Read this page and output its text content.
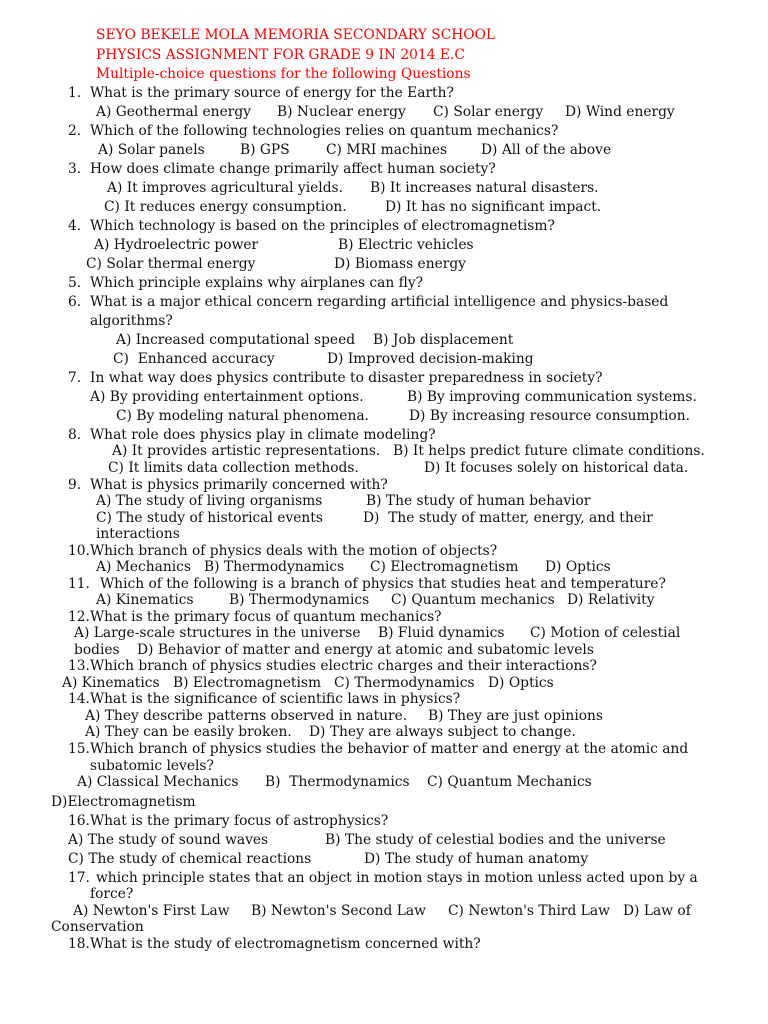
SEYO BEKELE MOLA MEMORIA SECONDARY SCHOOL
PHYSICS ASSIGNMENT FOR GRADE 9 IN 2014 E.C
Multiple-choice questions for the following Questions
1. What is the primary source of energy for the Earth?
A) Geothermal energy B) Nuclear energy C) Solar energy D) Wind energy
2. Which of the following technologies relies on quantum mechanics?
A) Solar panels	B) GPS	C) MRI machines D) All of the above
3. How does climate change primarily affect human society?
A) It improves agricultural yields. B) It increases natural disasters.
C) It reduces energy consumption.	D) It has no significant impact.
4. Which technology is based on the principles of electromagnetism?
A) Hydroelectric power	B) Electric vehicles
C) Solar thermal energy	D) Biomass energy
5. Which principle explains why airplanes can fly?
6. What is a major ethical concern regarding artificial intelligence and physics-based
algorithms?
A) Increased computational speed B) Job displacement
C)  Enhanced accuracy	D) Improved decision-making
7. In what way does physics contribute to disaster preparedness in society?
A) By providing entertainment options.	B) By improving communication systems.
C) By modeling natural phenomena.	D) By increasing resource consumption.
8. What role does physics play in climate modeling?
A) It provides artistic representations. B) It helps predict future climate conditions.
C) It limits data collection methods.	D) It focuses solely on historical data.
9. What is physics primarily concerned with?
A) The study of living organisms	B) The study of human behavior
C) The study of historical events	D)  The study of matter, energy, and their
interactions
10.Which branch of physics deals with the motion of objects?
A) Mechanics B) Thermodynamics C) Electromagnetism D) Optics
11. Which of the following is a branch of physics that studies heat and temperature?
A) Kinematics	B) Thermodynamics C) Quantum mechanics D) Relativity
12.What is the primary focus of quantum mechanics?
A) Large-scale structures in the universe B) Fluid dynamics C) Motion of celestial
bodies D) Behavior of matter and energy at atomic and subatomic levels
13.Which branch of physics studies electric charges and their interactions?
A) Kinematics B) Electromagnetism C) Thermodynamics D) Optics
14.What is the significance of scientific laws in physics?
A) They describe patterns observed in nature. B) They are just opinions
A) They can be easily broken. D) They are always subject to change.
15.Which branch of physics studies the behavior of matter and energy at the atomic and
subatomic levels?
A) Classical Mechanics B)  Thermodynamics C) Quantum Mechanics
D)Electromagnetism
16.What is the primary focus of astrophysics?
A) The study of sound waves	B) The study of celestial bodies and the universe
C) The study of chemical reactions	D) The study of human anatomy
17. which principle states that an object in motion stays in motion unless acted upon by a
force?
A) Newton's First Law B) Newton's Second Law C) Newton's Third Law D) Law of
Conservation
18.What is the study of electromagnetism concerned with?
